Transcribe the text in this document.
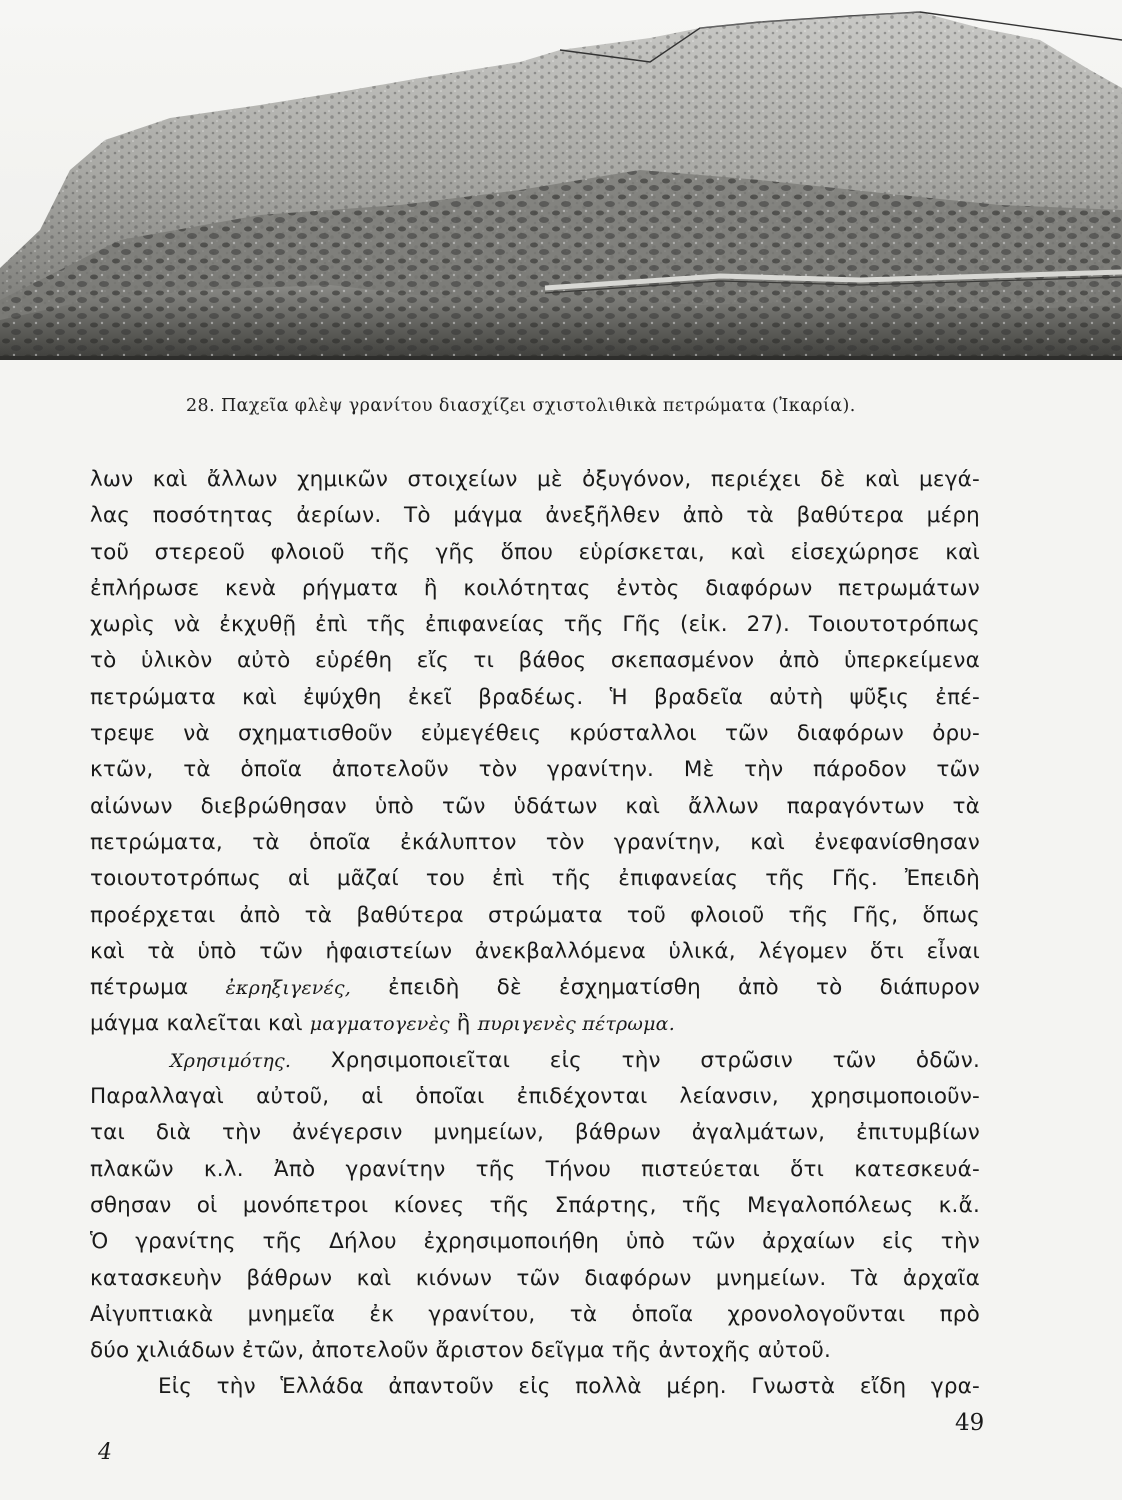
28. Παχεῖα φλὲψ γρανίτου διασχίζει σχιστολιθικὰ πετρώματα (Ἰκαρία).
λων καὶ ἄλλων χημικῶν στοιχείων μὲ ὀξυγόνον, περιέχει δὲ καὶ μεγά-
λας ποσότητας ἀερίων. Τὸ μάγμα ἀνεξῆλθεν ἀπὸ τὰ βαθύτερα μέρη
τοῦ στερεοῦ φλοιοῦ τῆς γῆς ὅπου εὑρίσκεται, καὶ εἰσεχώρησε καὶ
ἐπλήρωσε κενὰ ρήγματα ἢ κοιλότητας ἐντὸς διαφόρων πετρωμάτων
χωρὶς νὰ ἐκχυθῇ ἐπὶ τῆς ἐπιφανείας τῆς Γῆς (εἰκ. 27). Τοιουτοτρόπως
τὸ ὑλικὸν αὐτὸ εὑρέθη εἴς τι βάθος σκεπασμένον ἀπὸ ὑπερκείμενα
πετρώματα καὶ ἐψύχθη ἐκεῖ βραδέως. Ἡ βραδεῖα αὐτὴ ψῦξις ἐπέ-
τρεψε νὰ σχηματισθοῦν εὐμεγέθεις κρύσταλλοι τῶν διαφόρων ὀρυ-
κτῶν, τὰ ὁποῖα ἀποτελοῦν τὸν γρανίτην. Μὲ τὴν πάροδον τῶν
αἰώνων διεβρώθησαν ὑπὸ τῶν ὑδάτων καὶ ἄλλων παραγόντων τὰ
πετρώματα, τὰ ὁποῖα ἐκάλυπτον τὸν γρανίτην, καὶ ἐνεφανίσθησαν
τοιουτοτρόπως αἱ μᾶζαί του ἐπὶ τῆς ἐπιφανείας τῆς Γῆς. Ἐπειδὴ
προέρχεται ἀπὸ τὰ βαθύτερα στρώματα τοῦ φλοιοῦ τῆς Γῆς, ὅπως
καὶ τὰ ὑπὸ τῶν ἡφαιστείων ἀνεκβαλλόμενα ὑλικά, λέγομεν ὅτι εἶναι
πέτρωμα ἐκρηξιγενές, ἐπειδὴ δὲ ἐσχηματίσθη ἀπὸ τὸ διάπυρον
μάγμα καλεῖται καὶ μαγματογενὲς ἢ πυριγενὲς πέτρωμα.
Χρησιμότης. Χρησιμοποιεῖται εἰς τὴν στρῶσιν τῶν ὁδῶν.
Παραλλαγαὶ αὐτοῦ, αἱ ὁποῖαι ἐπιδέχονται λείανσιν, χρησιμοποιοῦν-
ται διὰ τὴν ἀνέγερσιν μνημείων, βάθρων ἀγαλμάτων, ἐπιτυμβίων
πλακῶν κ.λ. Ἀπὸ γρανίτην τῆς Τήνου πιστεύεται ὅτι κατεσκευά-
σθησαν οἱ μονόπετροι κίονες τῆς Σπάρτης, τῆς Μεγαλοπόλεως κ.ἄ.
Ὁ γρανίτης τῆς Δήλου ἐχρησιμοποιήθη ὑπὸ τῶν ἀρχαίων εἰς τὴν
κατασκευὴν βάθρων καὶ κιόνων τῶν διαφόρων μνημείων. Τὰ ἀρχαῖα
Αἰγυπτιακὰ μνημεῖα ἐκ γρανίτου, τὰ ὁποῖα χρονολογοῦνται πρὸ
δύο χιλιάδων ἐτῶν, ἀποτελοῦν ἄριστον δεῖγμα τῆς ἀντοχῆς αὐτοῦ.
Εἰς τὴν Ἑλλάδα ἀπαντοῦν εἰς πολλὰ μέρη. Γνωστὰ εἴδη γρα-
49
4
